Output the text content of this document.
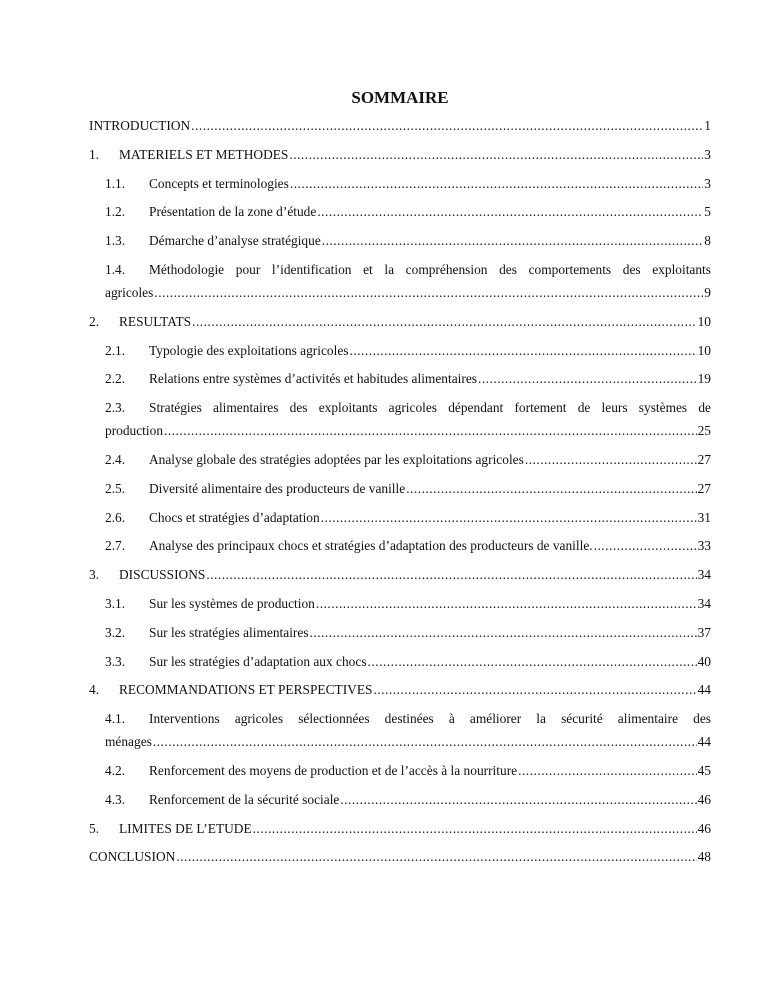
SOMMAIRE
INTRODUCTION .....	1
1.	MATERIELS ET METHODES .....	3
1.1.	Concepts et terminologies .....	3
1.2.	Présentation de la zone d’étude .....	5
1.3.	Démarche d’analyse stratégique .....	8
1.4.	Méthodologie pour l’identification et la compréhension des comportements des exploitants
agricoles .....	9
2.	RESULTATS .....	10
2.1.	Typologie des exploitations agricoles .....	10
2.2.	Relations entre systèmes d’activités et habitudes alimentaires .....	19
2.3.	Stratégies alimentaires des exploitants agricoles dépendant fortement de leurs systèmes de
production .....	25
2.4.	Analyse globale des stratégies adoptées par les exploitations agricoles .....	27
2.5.	Diversité alimentaire des producteurs de vanille .....	27
2.6.	Chocs et stratégies d’adaptation .....	31
2.7.	Analyse des principaux chocs et stratégies d’adaptation des producteurs de vanille. .....	33
3.	DISCUSSIONS .....	34
3.1.	Sur les systèmes de production .....	34
3.2.	Sur les stratégies alimentaires .....	37
3.3.	Sur les stratégies d’adaptation aux chocs .....	40
4.	RECOMMANDATIONS ET PERSPECTIVES .....	44
4.1.	Interventions agricoles sélectionnées destinées à améliorer la sécurité alimentaire des
ménages .....	44
4.2.	Renforcement des moyens de production et de l’accès à la nourriture .....	45
4.3.	Renforcement de la sécurité sociale .....	46
5.	LIMITES DE L’ETUDE .....	46
CONCLUSION .....	48
